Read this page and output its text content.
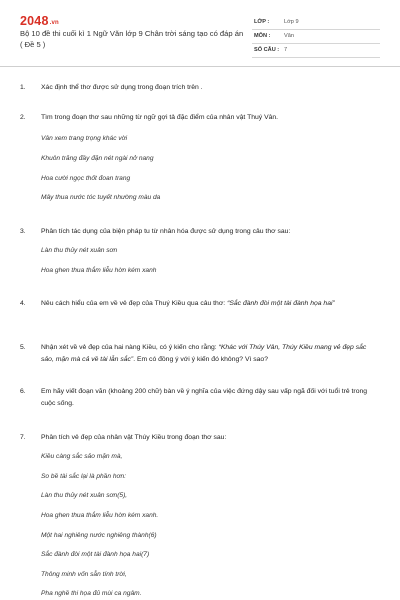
2048.vn
Bộ 10 đề thi cuối kì 1 Ngữ Văn lớp 9 Chân trời sáng tạo có đáp án ( Đề 5 )
LỚP :	Lớp 9
MÔN : Văn
SỐ CÂU : 7
1. Xác định thể thơ được sử dụng trong đoạn trích trên .
2. Tìm trong đoạn thơ sau những từ ngữ gợi tả đặc điểm của nhân vật Thuý Vân.
Vân xem trang trọng khác vời
Khuôn trăng đầy đặn nét ngài nở nang
Hoa cười ngọc thốt đoan trang
Mây thua nước tóc tuyết nhường màu da
3. Phân tích tác dụng của biện pháp tu từ nhân hóa được sử dụng trong câu thơ sau:
Làn thu thủy nét xuân sơn
Hoa ghen thua thắm liễu hờn kém xanh
4. Nêu cách hiểu của em về vẻ đẹp của Thuý Kiều qua câu thơ: “Sắc đành đòi một tài đành họa hai”
5. Nhận xét về vẻ đẹp của hai nàng Kiều, có ý kiến cho rằng: “Khác với Thúy Vân, Thúy Kiều mang vẻ đẹp sắc sảo, mặn mà cả về tài lẫn sắc”. Em có đồng ý với ý kiến đó không? Vì sao?
6. Em hãy viết đoạn văn (khoảng 200 chữ) bàn về ý nghĩa của việc đứng dậy sau vấp ngã đối với tuổi trẻ trong cuộc sống.
7. Phân tích vẻ đẹp của nhân vật Thúy Kiều trong đoạn thơ sau:
Kiều càng sắc sảo mặn mà,
So bề tài sắc lại là phần hơn:
Làn thu thủy nét xuân sơn(5),
Hoa ghen thua thắm liễu hờn kém xanh.
Một hai nghiêng nước nghiêng thành(6)
Sắc đành đòi một tài đành họa hai(7)
Thông minh vốn sẵn tính trời,
Pha nghề thi họa đủ mùi ca ngâm.
